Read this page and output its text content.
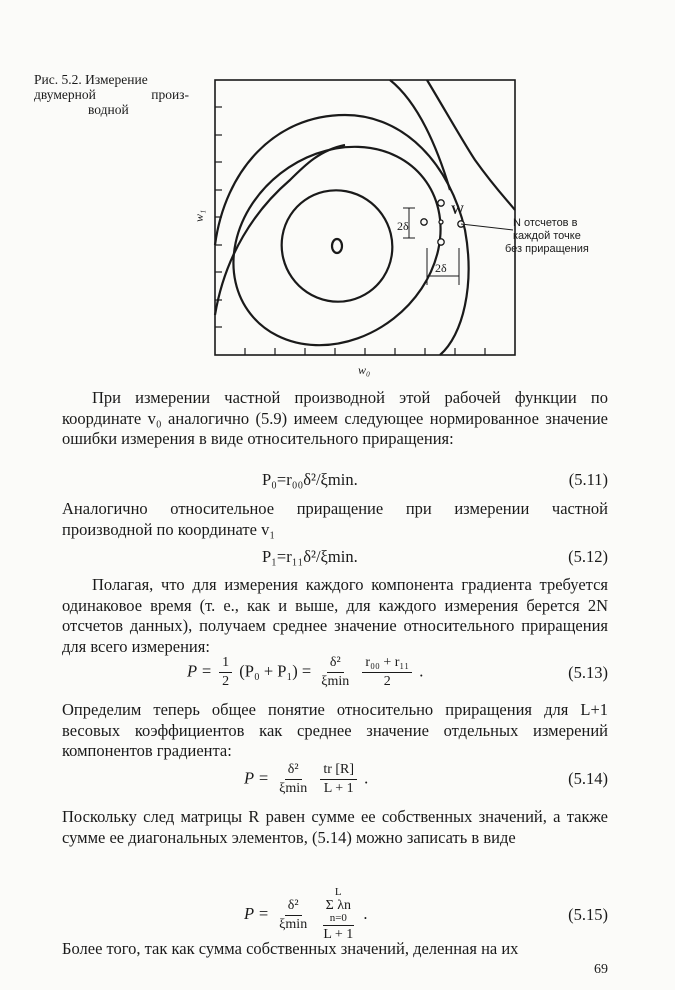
Рис. 5.2. Измерение
двумерной	произ-
водной
2δ
2δ
W
N отсчетов в
каждой точке
без приращения
w₁
w₀
При измерении частной производной этой рабочей функции по координате v₀ аналогично (5.9) имеем следующее нормированное значение ошибки измерения в виде относительного приращения:
P₀=r₀₀δ²/ξmin.	(5.11)
Аналогично относительное приращение при измерении частной производной по координате v₁
P₁=r₁₁δ²/ξmin.	(5.12)
Полагая, что для измерения каждого компонента градиента требуется одинаковое время (т. е., как и выше, для каждого измерения берется 2N отсчетов данных), получаем среднее значение относительного приращения для всего измерения:
$P = \frac{1}{2} (P_0 + P_1) = \frac{\text{δ²}}{\xi\min}$
$\frac{\text{r₀₀ + r₁₁}}{2}$ .	(5.13)
Определим теперь общее понятие относительно приращения для L+1 весовых коэффициентов как среднее значение отдельных измерений компонентов градиента:
$P = \frac{\text{δ²}}{\xi\min}$
$\frac{tr [R]}{L + 1}$ .	(5.14)
Поскольку след матрицы R равен сумме ее собственных значений, а также сумме ее диагональных элементов, (5.14) можно записать в виде
$P = \frac{\text{δ²}}{\xi\min}$
L
Σ λn
n=0
L + 1 .	(5.15)
Более того, так как сумма собственных значений, деленная на их
69
